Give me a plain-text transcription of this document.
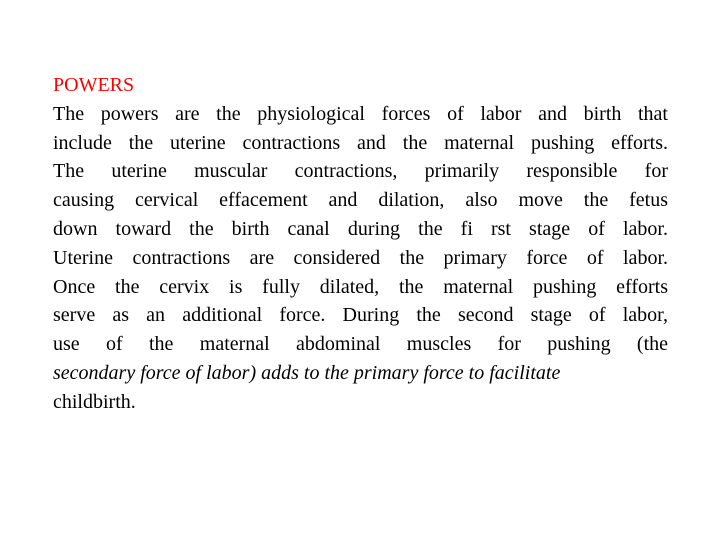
POWERS
The powers are the physiological forces of labor and birth that
include the uterine contractions and the maternal pushing efforts.
The uterine muscular contractions, primarily responsible for
causing cervical effacement and dilation, also move the fetus
down toward the birth canal during the fi rst stage of labor.
Uterine contractions are considered the primary force of labor.
Once the cervix is fully dilated, the maternal pushing efforts
serve as an additional force. During the second stage of labor,
use of the maternal abdominal muscles for pushing (the
secondary force of labor) adds to the primary force to facilitate
childbirth.
